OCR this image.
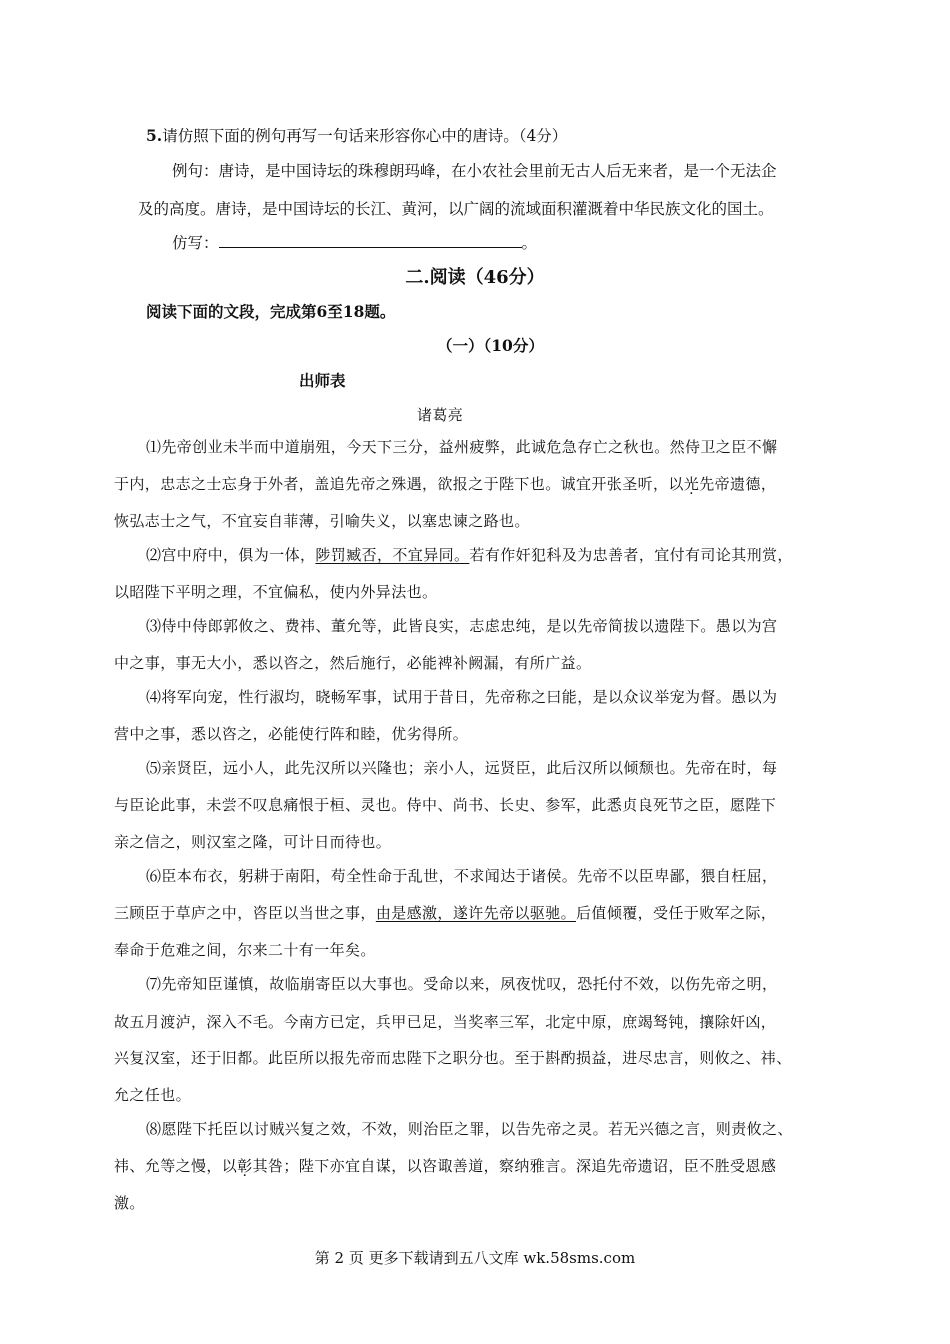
5.请仿照下面的例句再写一句话来形容你心中的唐诗。（4分）
例句：唐诗，是中国诗坛的珠穆朗玛峰，在小农社会里前无古人后无来者，是一个无法企
及的高度。唐诗，是中国诗坛的长江、黄河，以广阔的流域面积灌溉着中华民族文化的国土。
仿写：	。
二.阅读（46分）
阅读下面的文段，完成第6至18题。
（一）（10分）
出师表
诸葛亮
⑴先帝创业未半而中道崩殂，今天下三分，益州疲弊，此诚危急存亡之秋也。然侍卫之臣不懈
于内，忠志之士忘身于外者，盖追先帝之殊遇，欲报之于陛下也。诚宜开张圣听，以光先帝遗德，
恢弘志士之气，不宜妄自菲薄，引喻失义，以塞忠谏之路也。
⑵宫中府中，俱为一体，陟罚臧否，不宜异同。若有作奸犯科及为忠善者，宜付有司论其刑赏，
以昭陛下平明之理，不宜偏私，使内外异法也。
⑶侍中侍郎郭攸之、费祎、董允等，此皆良实，志虑忠纯，是以先帝简拔以遗陛下。愚以为宫
中之事，事无大小，悉以咨之，然后施行，必能裨补阙漏，有所广益。
⑷将军向宠，性行淑均，晓畅军事，试用于昔日，先帝称之曰能，是以众议举宠为督。愚以为
营中之事，悉以咨之，必能使行阵和睦，优劣得所。
⑸亲贤臣，远小人，此先汉所以兴隆也；亲小人，远贤臣，此后汉所以倾颓也。先帝在时，每
与臣论此事，未尝不叹息痛恨于桓、灵也。侍中、尚书、长史、参军，此悉贞良死节之臣，愿陛下
亲之信之，则汉室之隆，可计日而待也。
⑹臣本布衣，躬耕于南阳，苟全性命于乱世，不求闻达于诸侯。先帝不以臣卑鄙，猥自枉屈，
三顾臣于草庐之中，咨臣以当世之事，由是感激，遂许先帝以驱驰。后值倾覆，受任于败军之际，
奉命于危难之间，尔来二十有一年矣。
⑺先帝知臣谨慎，故临崩寄臣以大事也。受命以来，夙夜忧叹，恐托付不效，以伤先帝之明，
故五月渡泸，深入不毛。今南方已定，兵甲已足，当奖率三军，北定中原，庶竭驽钝，攘除奸凶，
兴复汉室，还于旧都。此臣所以报先帝而忠陛下之职分也。至于斟酌损益，进尽忠言，则攸之、祎、
允之任也。
⑻愿陛下托臣以讨贼兴复之效，不效，则治臣之罪，以告先帝之灵。若无兴德之言，则责攸之、
祎、允等之慢，以彰其咎；陛下亦宜自谋，以咨诹善道，察纳雅言。深追先帝遗诏，臣不胜受恩感
激。
第 2 页 更多下载请到五八文库 wk.58sms.com
